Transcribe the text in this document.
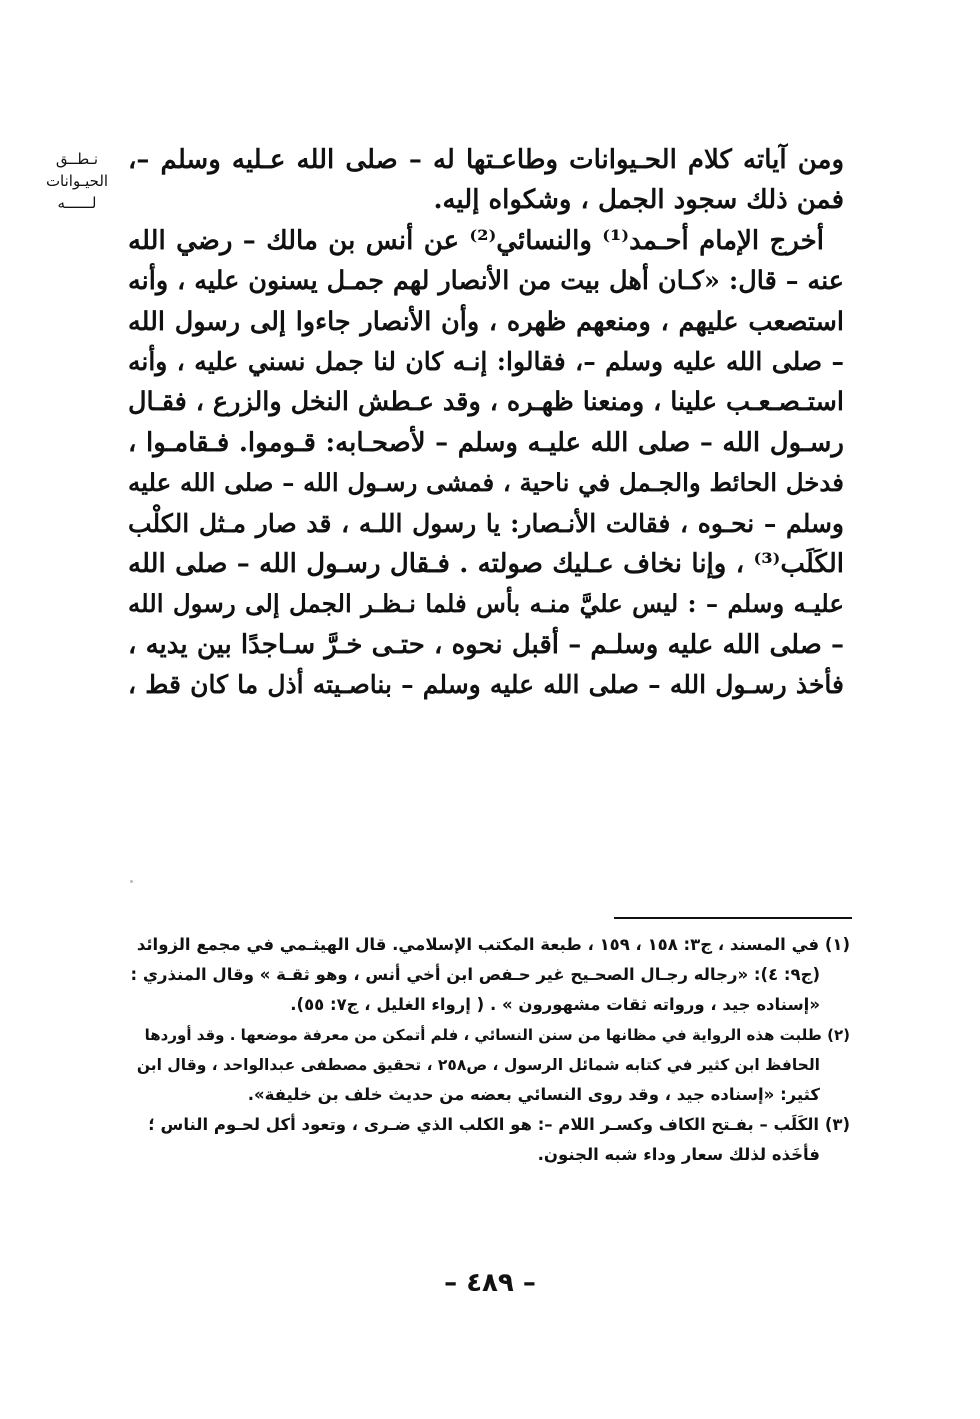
نـطــق
الحيـوانات
لــــــه
ومن آياته كلام الحـيوانات وطاعـتها له – صلى الله عـليه وسلم –،
فمن ذلك سجود الجمل ، وشكواه إليه.
أخرج الإمام أحـمد⁽¹⁾ والنسائي⁽²⁾ عن أنس بن مالك – رضي الله
عنه – قال: «كـان أهل بيت من الأنصار لهم جمـل يسنون عليه ، وأنه
استصعب عليهم ، ومنعهم ظهره ، وأن الأنصار جاءوا إلى رسول الله
– صلى الله عليه وسلم –، فقالوا: إنـه كان لنا جمل نسني عليه ، وأنه
استـصـعـب علينا ، ومنعنا ظهـره ، وقد عـطش النخل والزرع ، فقـال
رسـول الله – صلى الله عليـه وسلم – لأصحـابه: قـوموا. فـقامـوا ،
فدخل الحائط والجـمل في ناحية ، فمشى رسـول الله – صلى الله عليه
وسلم – نحـوه ، فقالت الأنـصار: يا رسول اللـه ، قد صار مـثل الكلْب
الكَلَب⁽³⁾ ، وإنا نخاف عـليك صولته . فـقال رسـول الله – صلى الله
عليـه وسلم – : ليس عليَّ منـه بأس فلما نـظـر الجمل إلى رسول الله
– صلى الله عليه وسلـم – أقبل نحوه ، حتـى خـرَّ سـاجدًا بين يديه ،
فأخذ رسـول الله – صلى الله عليه وسلم – بناصـيته أذل ما كان قط ،
(١) في المسند ، ج٣: ١٥٨ ، ١٥٩ ، طبعة المكتب الإسلامي. قال الهيثـمي في مجمع الزوائد
(ج٩: ٤): «رجاله رجـال الصحـيح غير حـفص ابن أخي أنس ، وهو ثقـة » وقال المنذري :
«إسناده جيد ، ورواته ثقات مشهورون » . ( إرواء الغليل ، ج٧: ٥٥).
(٢) طلبت هذه الرواية في مظانها من سنن النسائي ، فلم أتمكن من معرفة موضعها . وقد أوردها
الحافظ ابن كثير في كتابه شمائل الرسول ، ص٢٥٨ ، تحقيق مصطفى عبدالواحد ، وقال ابن
كثير: «إسناده جيد ، وقد روى النسائي بعضه من حديث خلف بن خليفة».
(٣) الكَلَب – بفـتح الكاف وكسـر اللام –: هو الكلب الذي ضـرى ، وتعود أكل لحـوم الناس ؛
فأخَذه لذلك سعار وداء شبه الجنون.
– ٤٨٩ –
